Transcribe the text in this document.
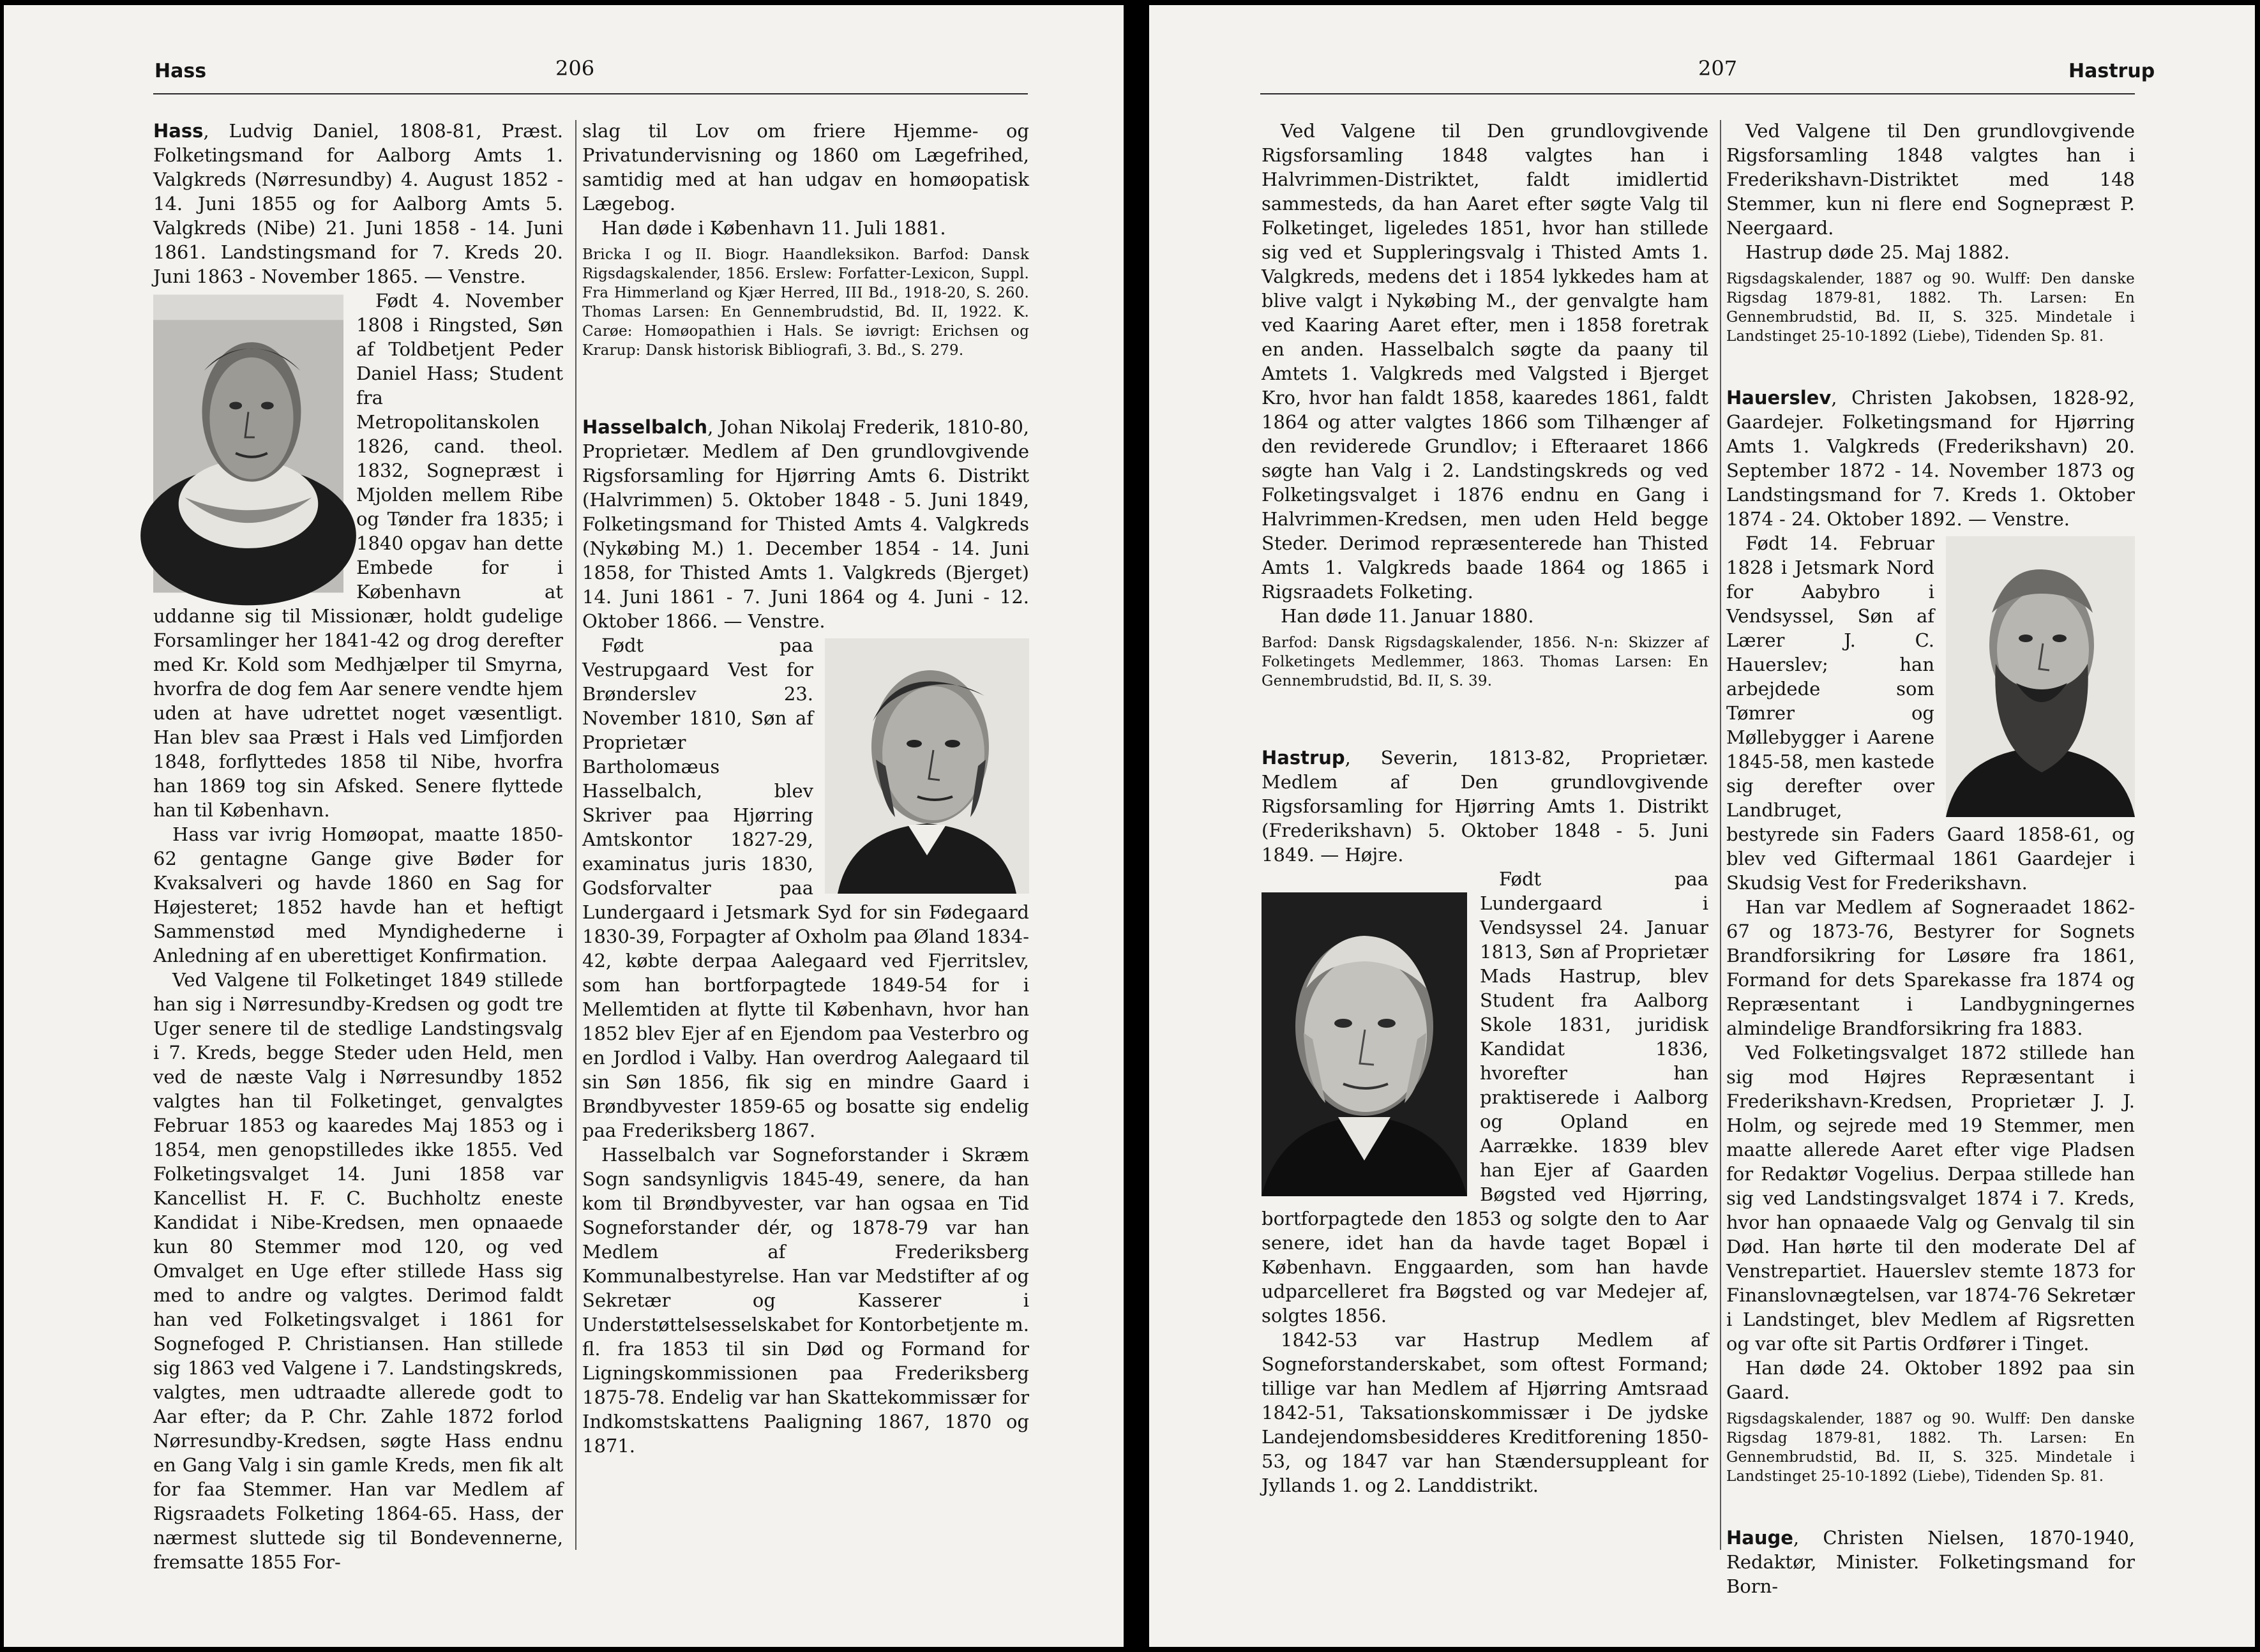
Hass	206

Hass, Ludvig Daniel, 1808-81, Præst. Folketingsmand for Aalborg Amts 1. Valgkreds (Nørresundby) 4. August 1852 - 14. Juni 1855 og for Aalborg Amts 5. Valgkreds (Nibe) 21. Juni 1858 - 14. Juni 1861. Landstingsmand for 7. Kreds 20. Juni 1863 - November 1865. — Venstre.

Født 4. November 1808 i Ringsted, Søn af Toldbetjent Peder Daniel Hass; Student fra Metropolitanskolen 1826, cand. theol. 1832, Sognepræst i Mjolden mellem Ribe og Tønder fra 1835; i 1840 opgav han dette Embede for i København at uddanne sig til Missionær, holdt gudelige Forsamlinger her 1841-42 og drog derefter med Kr. Kold som Medhjælper til Smyrna, hvorfra de dog fem Aar senere vendte hjem uden at have udrettet noget væsentligt. Han blev saa Præst i Hals ved Limfjorden 1848, forflyttedes 1858 til Nibe, hvorfra han 1869 tog sin Afsked. Senere flyttede han til København.

Hass var ivrig Homøopat, maatte 1850-62 gentagne Gange give Bøder for Kvaksalveri og havde 1860 en Sag for Højesteret; 1852 havde han et heftigt Sammenstød med Myndighederne i Anledning af en uberettiget Konfirmation.

Ved Valgene til Folketinget 1849 stillede han sig i Nørresundby-Kredsen og godt tre Uger senere til de stedlige Landstingsvalg i 7. Kreds, begge Steder uden Held, men ved de næste Valg i Nørresundby 1852 valgtes han til Folketinget, genvalgtes Februar 1853 og kaaredes Maj 1853 og i 1854, men genopstilledes ikke 1855. Ved Folketingsvalget 14. Juni 1858 var Kancellist H. F. C. Buchholtz eneste Kandidat i Nibe-Kredsen, men opnaaede kun 80 Stemmer mod 120, og ved Omvalget en Uge efter stillede Hass sig med to andre og valgtes. Derimod faldt han ved Folketingsvalget i 1861 for Sognefoged P. Christiansen. Han stillede sig 1863 ved Valgene i 7. Landstingskreds, valgtes, men udtraadte allerede godt to Aar efter; da P. Chr. Zahle 1872 forlod Nørresundby-Kredsen, søgte Hass endnu en Gang Valg i sin gamle Kreds, men fik alt for faa Stemmer. Han var Medlem af Rigsraadets Folketing 1864-65. Hass, der nærmest sluttede sig til Bondevennerne, fremsatte 1855 For-

slag til Lov om friere Hjemme- og Privatundervisning og 1860 om Lægefrihed, samtidig med at han udgav en homøopatisk Lægebog.

Han døde i København 11. Juli 1881.

Bricka I og II. Biogr. Haandleksikon. Barfod: Dansk Rigsdagskalender, 1856. Erslew: Forfatter-Lexicon, Suppl. Fra Himmerland og Kjær Herred, III Bd., 1918-20, S. 260. Thomas Larsen: En Gennembrudstid, Bd. II, 1922. K. Carøe: Homøopathien i Hals. Se iøvrigt: Erichsen og Krarup: Dansk historisk Bibliografi, 3. Bd., S. 279.

Hasselbalch, Johan Nikolaj Frederik, 1810-80, Proprietær. Medlem af Den grundlovgivende Rigsforsamling for Hjørring Amts 6. Distrikt (Halvrimmen) 5. Oktober 1848 - 5. Juni 1849, Folketingsmand for Thisted Amts 4. Valgkreds (Nykøbing M.) 1. December 1854 - 14. Juni 1858, for Thisted Amts 1. Valgkreds (Bjerget) 14. Juni 1861 - 7. Juni 1864 og 4. Juni - 12. Oktober 1866. — Venstre.

Født paa Vestrupgaard Vest for Brønderslev 23. November 1810, Søn af Proprietær Bartholomæus Hasselbalch, blev Skriver paa Hjørring Amtskontor 1827-29, examinatus juris 1830, Godsforvalter paa Lundergaard i Jetsmark Syd for sin Fødegaard 1830-39, Forpagter af Oxholm paa Øland 1834-42, købte derpaa Aalegaard ved Fjerritslev, som han bortforpagtede 1849-54 for i Mellemtiden at flytte til København, hvor han 1852 blev Ejer af en Ejendom paa Vesterbro og en Jordlod i Valby. Han overdrog Aalegaard til sin Søn 1856, fik sig en mindre Gaard i Brøndbyvester 1859-65 og bosatte sig endelig paa Frederiksberg 1867.

Hasselbalch var Sogneforstander i Skræm Sogn sandsynligvis 1845-49, senere, da han kom til Brøndbyvester, var han ogsaa en Tid Sogneforstander dér, og 1878-79 var han Medlem af Frederiksberg Kommunalbestyrelse. Han var Medstifter af og Sekretær og Kasserer i Understøttelsesselskabet for Kontorbetjente m. fl. fra 1853 til sin Død og Formand for Ligningskommissionen paa Frederiksberg 1875-78. Endelig var han Skattekommissær for Indkomstskattens Paaligning 1867, 1870 og 1871.

207	Hastrup

Ved Valgene til Den grundlovgivende Rigsforsamling 1848 valgtes han i Halvrimmen-Distriktet, faldt imidlertid sammesteds, da han Aaret efter søgte Valg til Folketinget, ligeledes 1851, hvor han stillede sig ved et Suppleringsvalg i Thisted Amts 1. Valgkreds, medens det i 1854 lykkedes ham at blive valgt i Nykøbing M., der genvalgte ham ved Kaaring Aaret efter, men i 1858 foretrak en anden. Hasselbalch søgte da paany til Amtets 1. Valgkreds med Valgsted i Bjerget Kro, hvor han faldt 1858, kaaredes 1861, faldt 1864 og atter valgtes 1866 som Tilhænger af den reviderede Grundlov; i Efteraaret 1866 søgte han Valg i 2. Landstingskreds og ved Folketingsvalget i 1876 endnu en Gang i Halvrimmen-Kredsen, men uden Held begge Steder. Derimod repræsenterede han Thisted Amts 1. Valgkreds baade 1864 og 1865 i Rigsraadets Folketing.

Han døde 11. Januar 1880.

Barfod: Dansk Rigsdagskalender, 1856. N-n: Skizzer af Folketingets Medlemmer, 1863. Thomas Larsen: En Gennembrudstid, Bd. II, S. 39.

Hastrup, Severin, 1813-82, Proprietær. Medlem af Den grundlovgivende Rigsforsamling for Hjørring Amts 1. Distrikt (Frederikshavn) 5. Oktober 1848 - 5. Juni 1849. — Højre.

Født paa Lundergaard i Vendsyssel 24. Januar 1813, Søn af Proprietær Mads Hastrup, blev Student fra Aalborg Skole 1831, juridisk Kandidat 1836, hvorefter han praktiserede i Aalborg og Opland en Aarrække. 1839 blev han Ejer af Gaarden Bøgsted ved Hjørring, bortforpagtede den 1853 og solgte den to Aar senere, idet han da havde taget Bopæl i København. Enggaarden, som han havde udparcelleret fra Bøgsted og var Medejer af, solgtes 1856.

1842-53 var Hastrup Medlem af Sogneforstanderskabet, som oftest Formand; tillige var han Medlem af Hjørring Amtsraad 1842-51, Taksationskommissær i De jydske Landejendomsbesidderes Kreditforening 1850-53, og 1847 var han Stændersuppleant for Jyllands 1. og 2. Landdistrikt.

Ved Valgene til Den grundlovgivende Rigsforsamling 1848 valgtes han i Frederikshavn-Distriktet med 148 Stemmer, kun ni flere end Sognepræst P. Neergaard.

Hastrup døde 25. Maj 1882.

Rigsdagskalender, 1887 og 90. Wulff: Den danske Rigsdag 1879-81, 1882. Th. Larsen: En Gennembrudstid, Bd. II, S. 325. Mindetale i Landstinget 25-10-1892 (Liebe), Tidenden Sp. 81.

Hauerslev, Christen Jakobsen, 1828-92, Gaardejer. Folketingsmand for Hjørring Amts 1. Valgkreds (Frederikshavn) 20. September 1872 - 14. November 1873 og Landstingsmand for 7. Kreds 1. Oktober 1874 - 24. Oktober 1892. — Venstre.

Født 14. Februar 1828 i Jetsmark Nord for Aabybro i Vendsyssel, Søn af Lærer J. C. Hauerslev; han arbejdede som Tømrer og Møllebygger i Aarene 1845-58, men kastede sig derefter over Landbruget, bestyrede sin Faders Gaard 1858-61, og blev ved Giftermaal 1861 Gaardejer i Skudsig Vest for Frederikshavn.

Han var Medlem af Sogneraadet 1862-67 og 1873-76, Bestyrer for Sognets Brandforsikring for Løsøre fra 1861, Formand for dets Sparekasse fra 1874 og Repræsentant i Landbygningernes almindelige Brandforsikring fra 1883.

Ved Folketingsvalget 1872 stillede han sig mod Højres Repræsentant i Frederikshavn-Kredsen, Proprietær J. J. Holm, og sejrede med 19 Stemmer, men maatte allerede Aaret efter vige Pladsen for Redaktør Vogelius. Derpaa stillede han sig ved Landstingsvalget 1874 i 7. Kreds, hvor han opnaaede Valg og Genvalg til sin Død. Han hørte til den moderate Del af Venstrepartiet. Hauerslev stemte 1873 for Finanslovnægtelsen, var 1874-76 Sekretær i Landstinget, blev Medlem af Rigsretten og var ofte sit Partis Ordfører i Tinget.

Han døde 24. Oktober 1892 paa sin Gaard.

Rigsdagskalender, 1887 og 90. Wulff: Den danske Rigsdag 1879-81, 1882. Th. Larsen: En Gennembrudstid, Bd. II, S. 325. Mindetale i Landstinget 25-10-1892 (Liebe), Tidenden Sp. 81.

Hauge, Christen Nielsen, 1870-1940, Redaktør, Minister. Folketingsmand for Born-
